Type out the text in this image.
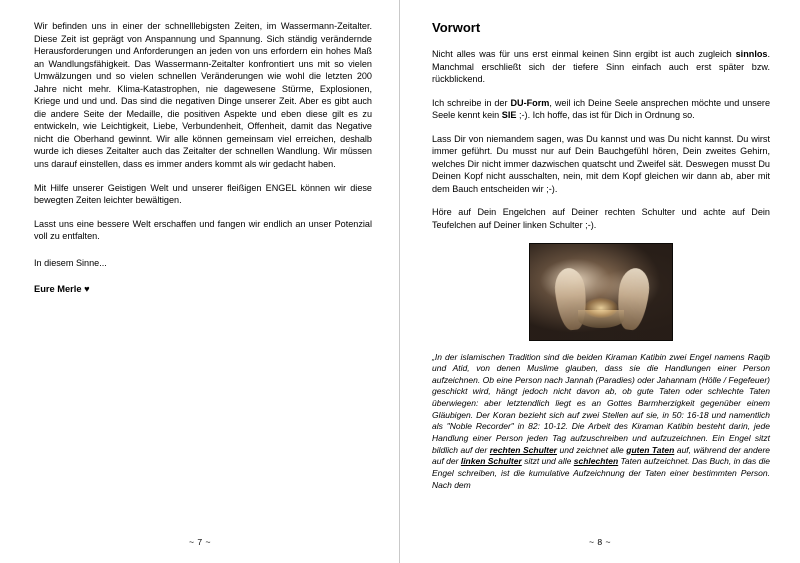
Wir befinden uns in einer der schnelllebigsten Zeiten, im Wassermann-Zeitalter. Diese Zeit ist geprägt von Anspannung und Spannung. Sich ständig verändernde Herausforderungen und Anforderungen an jeden von uns erfordern ein hohes Maß an Wandlungsfähigkeit. Das Wassermann-Zeitalter konfrontiert uns mit so vielen Umwälzungen und so vielen schnellen Veränderungen wie wohl die letzten 200 Jahre nicht mehr. Klima-Katastrophen, nie dagewesene Stürme, Explosionen, Kriege und und und. Das sind die negativen Dinge unserer Zeit. Aber es gibt auch die andere Seite der Medaille, die positiven Aspekte und eben diese gilt es zu entwickeln, wie Leichtigkeit, Liebe, Verbundenheit, Offenheit, damit das Negative nicht die Oberhand gewinnt. Wir alle können gemeinsam viel erreichen, deshalb wurde ich dieses Zeitalter auch das Zeitalter der schnellen Wandlung. Wir müssen uns darauf einstellen, dass es immer anders kommt als wir gedacht haben.

Mit Hilfe unserer Geistigen Welt und unserer fleißigen ENGEL können wir diese bewegten Zeiten leichter bewältigen.

Lasst uns eine bessere Welt erschaffen und fangen wir endlich an unser Potenzial voll zu entfalten.

In diesem Sinne...

Eure Merle ♥

~ 7 ~
Vorwort

Nicht alles was für uns erst einmal keinen Sinn ergibt ist auch zugleich sinnlos. Manchmal erschließt sich der tiefere Sinn einfach auch erst später bzw. rückblickend.

Ich schreibe in der DU-Form, weil ich Deine Seele ansprechen möchte und unsere Seele kennt kein SIE ;-). Ich hoffe, das ist für Dich in Ordnung so.

Lass Dir von niemandem sagen, was Du kannst und was Du nicht kannst. Du wirst immer geführt. Du musst nur auf Dein Bauchgefühl hören, Dein zweites Gehirn, welches Dir nicht immer dazwischen quatscht und Zweifel sät. Deswegen musst Du Deinen Kopf nicht ausschalten, nein, mit dem Kopf gleichen wir dann ab, aber mit dem Bauch entscheiden wir ;-).

Höre auf Dein Engelchen auf Deiner rechten Schulter und achte auf Dein Teufelchen auf Deiner linken Schulter ;-).

„In der islamischen Tradition sind die beiden Kiraman Katibin zwei Engel namens Raqib und Atid, von denen Muslime glauben, dass sie die Handlungen einer Person aufzeichnen. Ob eine Person nach Jannah (Paradies) oder Jahannam (Hölle / Fegefeuer) geschickt wird, hängt jedoch nicht davon ab, ob gute Taten oder schlechte Taten überwiegen: aber letztendlich liegt es an Gottes Barmherzigkeit gegenüber einem Gläubigen. Der Koran bezieht sich auf zwei Stellen auf sie, in 50: 16-18 und namentlich als "Noble Recorder" in 82: 10-12. Die Arbeit des Kiraman Katibin besteht darin, jede Handlung einer Person jeden Tag aufzuschreiben und aufzuzeichnen. Ein Engel sitzt bildlich auf der rechten Schulter und zeichnet alle guten Taten auf, während der andere auf der linken Schulter sitzt und alle schlechten Taten aufzeichnet. Das Buch, in das die Engel schreiben, ist die kumulative Aufzeichnung der Taten einer bestimmten Person. Nach dem

~ 8 ~
